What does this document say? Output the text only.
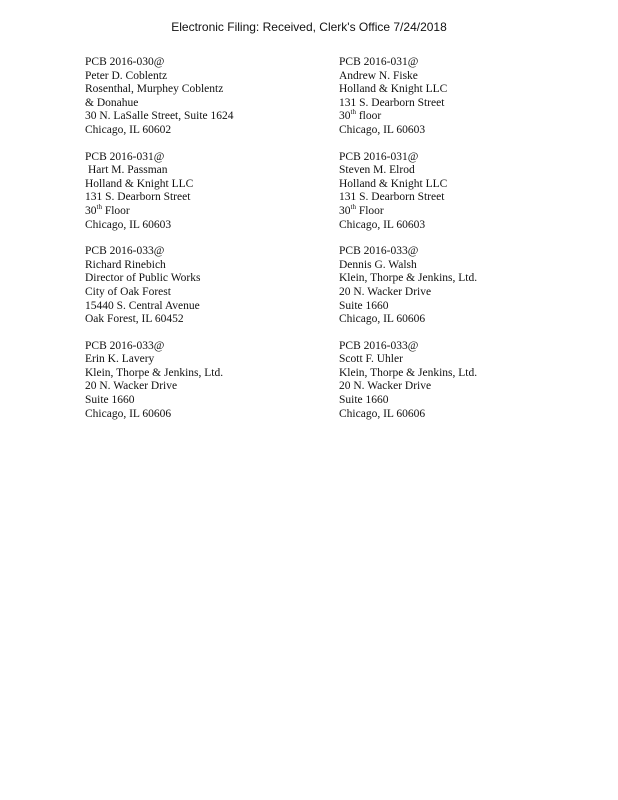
Electronic Filing: Received, Clerk's Office 7/24/2018
PCB 2016-030@
Peter D. Coblentz
Rosenthal, Murphey Coblentz
& Donahue
30 N. LaSalle Street, Suite 1624
Chicago, IL 60602
PCB 2016-031@
Andrew N. Fiske
Holland & Knight LLC
131 S. Dearborn Street
30th floor
Chicago, IL 60603
PCB 2016-031@
Hart M. Passman
Holland & Knight LLC
131 S. Dearborn Street
30th Floor
Chicago, IL 60603
PCB 2016-031@
Steven M. Elrod
Holland & Knight LLC
131 S. Dearborn Street
30th Floor
Chicago, IL 60603
PCB 2016-033@
Richard Rinebich
Director of Public Works
City of Oak Forest
15440 S. Central Avenue
Oak Forest, IL 60452
PCB 2016-033@
Dennis G. Walsh
Klein, Thorpe & Jenkins, Ltd.
20 N. Wacker Drive
Suite 1660
Chicago, IL 60606
PCB 2016-033@
Erin K. Lavery
Klein, Thorpe & Jenkins, Ltd.
20 N. Wacker Drive
Suite 1660
Chicago, IL 60606
PCB 2016-033@
Scott F. Uhler
Klein, Thorpe & Jenkins, Ltd.
20 N. Wacker Drive
Suite 1660
Chicago, IL 60606
